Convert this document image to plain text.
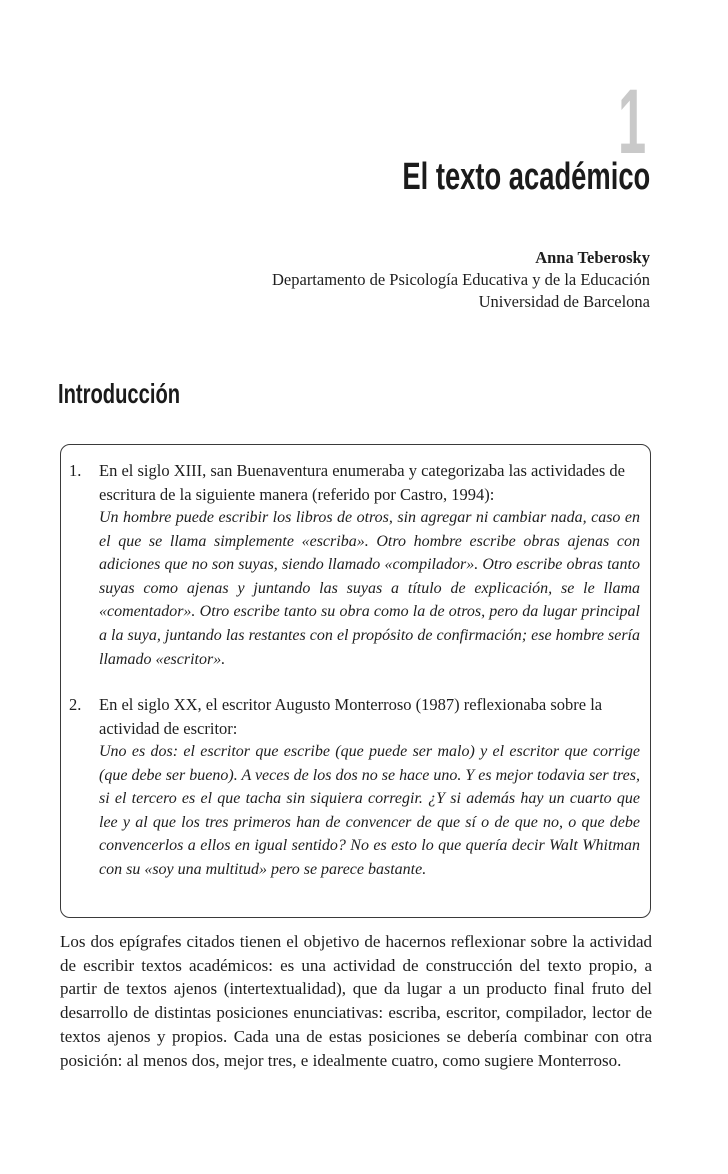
1
El texto académico
Anna Teberosky
Departamento de Psicología Educativa y de la Educación
Universidad de Barcelona
Introducción
1. En el siglo XIII, san Buenaventura enumeraba y categorizaba las actividades de escritura de la siguiente manera (referido por Castro, 1994):
Un hombre puede escribir los libros de otros, sin agregar ni cambiar nada, caso en el que se llama simplemente «escriba». Otro hombre escribe obras ajenas con adiciones que no son suyas, siendo llamado «compilador». Otro escribe obras tanto suyas como ajenas y juntando las suyas a título de explicación, se le llama «comentador». Otro escribe tanto su obra como la de otros, pero da lugar principal a la suya, juntando las restantes con el propósito de confirmación; ese hombre sería llamado «escritor».
2. En el siglo XX, el escritor Augusto Monterroso (1987) reflexionaba sobre la actividad de escritor:
Uno es dos: el escritor que escribe (que puede ser malo) y el escritor que corrige (que debe ser bueno). A veces de los dos no se hace uno. Y es mejor todavia ser tres, si el tercero es el que tacha sin siquiera corregir. ¿Y si además hay un cuarto que lee y al que los tres primeros han de convencer de que sí o de que no, o que debe convencerlos a ellos en igual sentido? No es esto lo que quería decir Walt Whitman con su «soy una multitud» pero se parece bastante.

Los dos epígrafes citados tienen el objetivo de hacernos reflexionar sobre la actividad de escribir textos académicos: es una actividad de construcción del texto propio, a partir de textos ajenos (intertextualidad), que da lugar a un producto final fruto del desarrollo de distintas posiciones enunciativas: escriba, escritor, compilador, lector de textos ajenos y propios. Cada una de estas posiciones se debería combinar con otra posición: al menos dos, mejor tres, e idealmente cuatro, como sugiere Monterroso.
